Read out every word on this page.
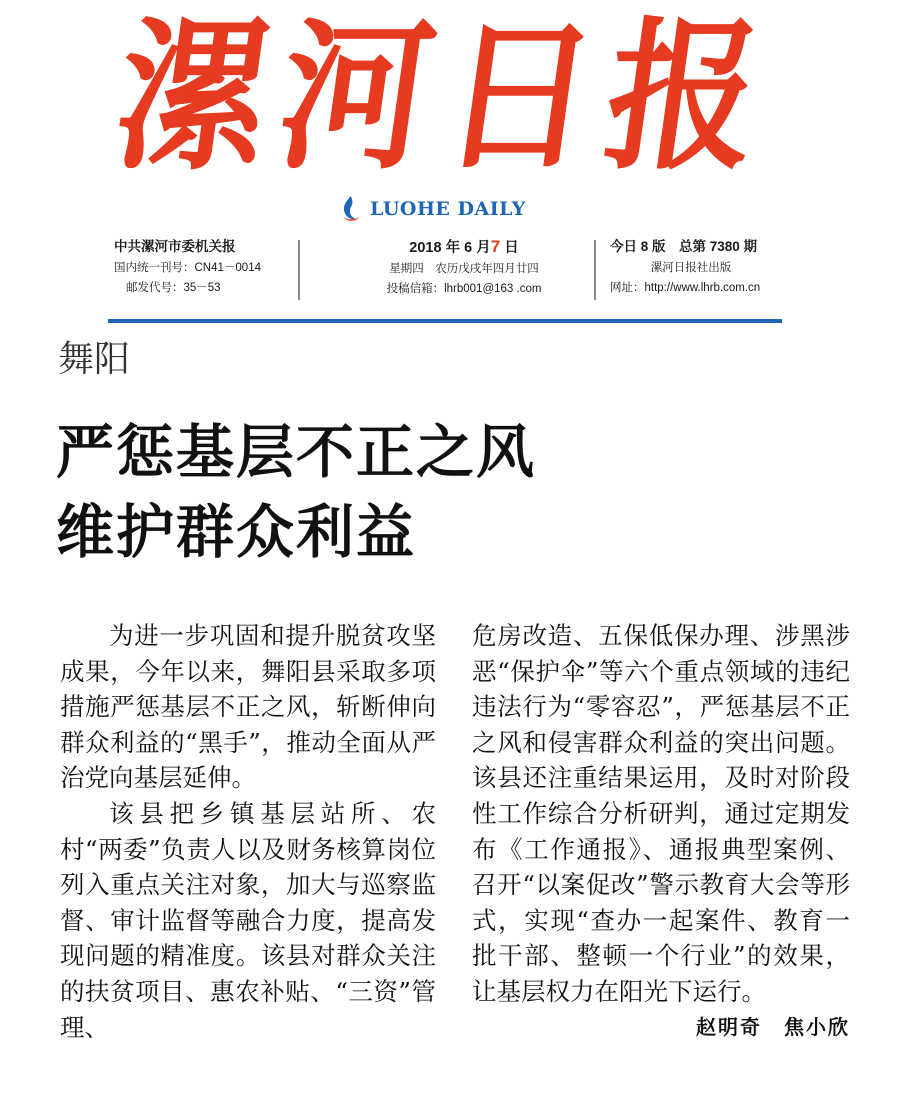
漯
河
日
报
LUOHE DAILY
中共漯河市委机关报
国内统一刊号：CN41－0014
邮发代号：35－53
2018 年 6 月7 日
星期四　农历戊戌年四月廿四
投稿信箱：lhrb001@163 .com
今日 8 版　总第 7380 期
漯河日报社出版
网址：http://www.lhrb.com.cn
舞阳
严惩基层不正之风
维护群众利益

为进一步巩固和提升脱贫攻坚成果，今年以来，舞阳县采取多项措施严惩基层不正之风，斩断伸向群众利益的“黑手”，推动全面从严治党向基层延伸。

该县把乡镇基层站所、农村“两委”负责人以及财务核算岗位列入重点关注对象，加大与巡察监督、审计监督等融合力度，提高发现问题的精准度。该县对群众关注的扶贫项目、惠农补贴、“三资”管理、

危房改造、五保低保办理、涉黑涉恶“保护伞”等六个重点领域的违纪违法行为“零容忍”，严惩基层不正之风和侵害群众利益的突出问题。该县还注重结果运用，及时对阶段性工作综合分析研判，通过定期发布《工作通报》、通报典型案例、召开“以案促改”警示教育大会等形式，实现“查办一起案件、教育一批干部、整顿一个行业”的效果，让基层权力在阳光下运行。
赵明奇　焦小欣
